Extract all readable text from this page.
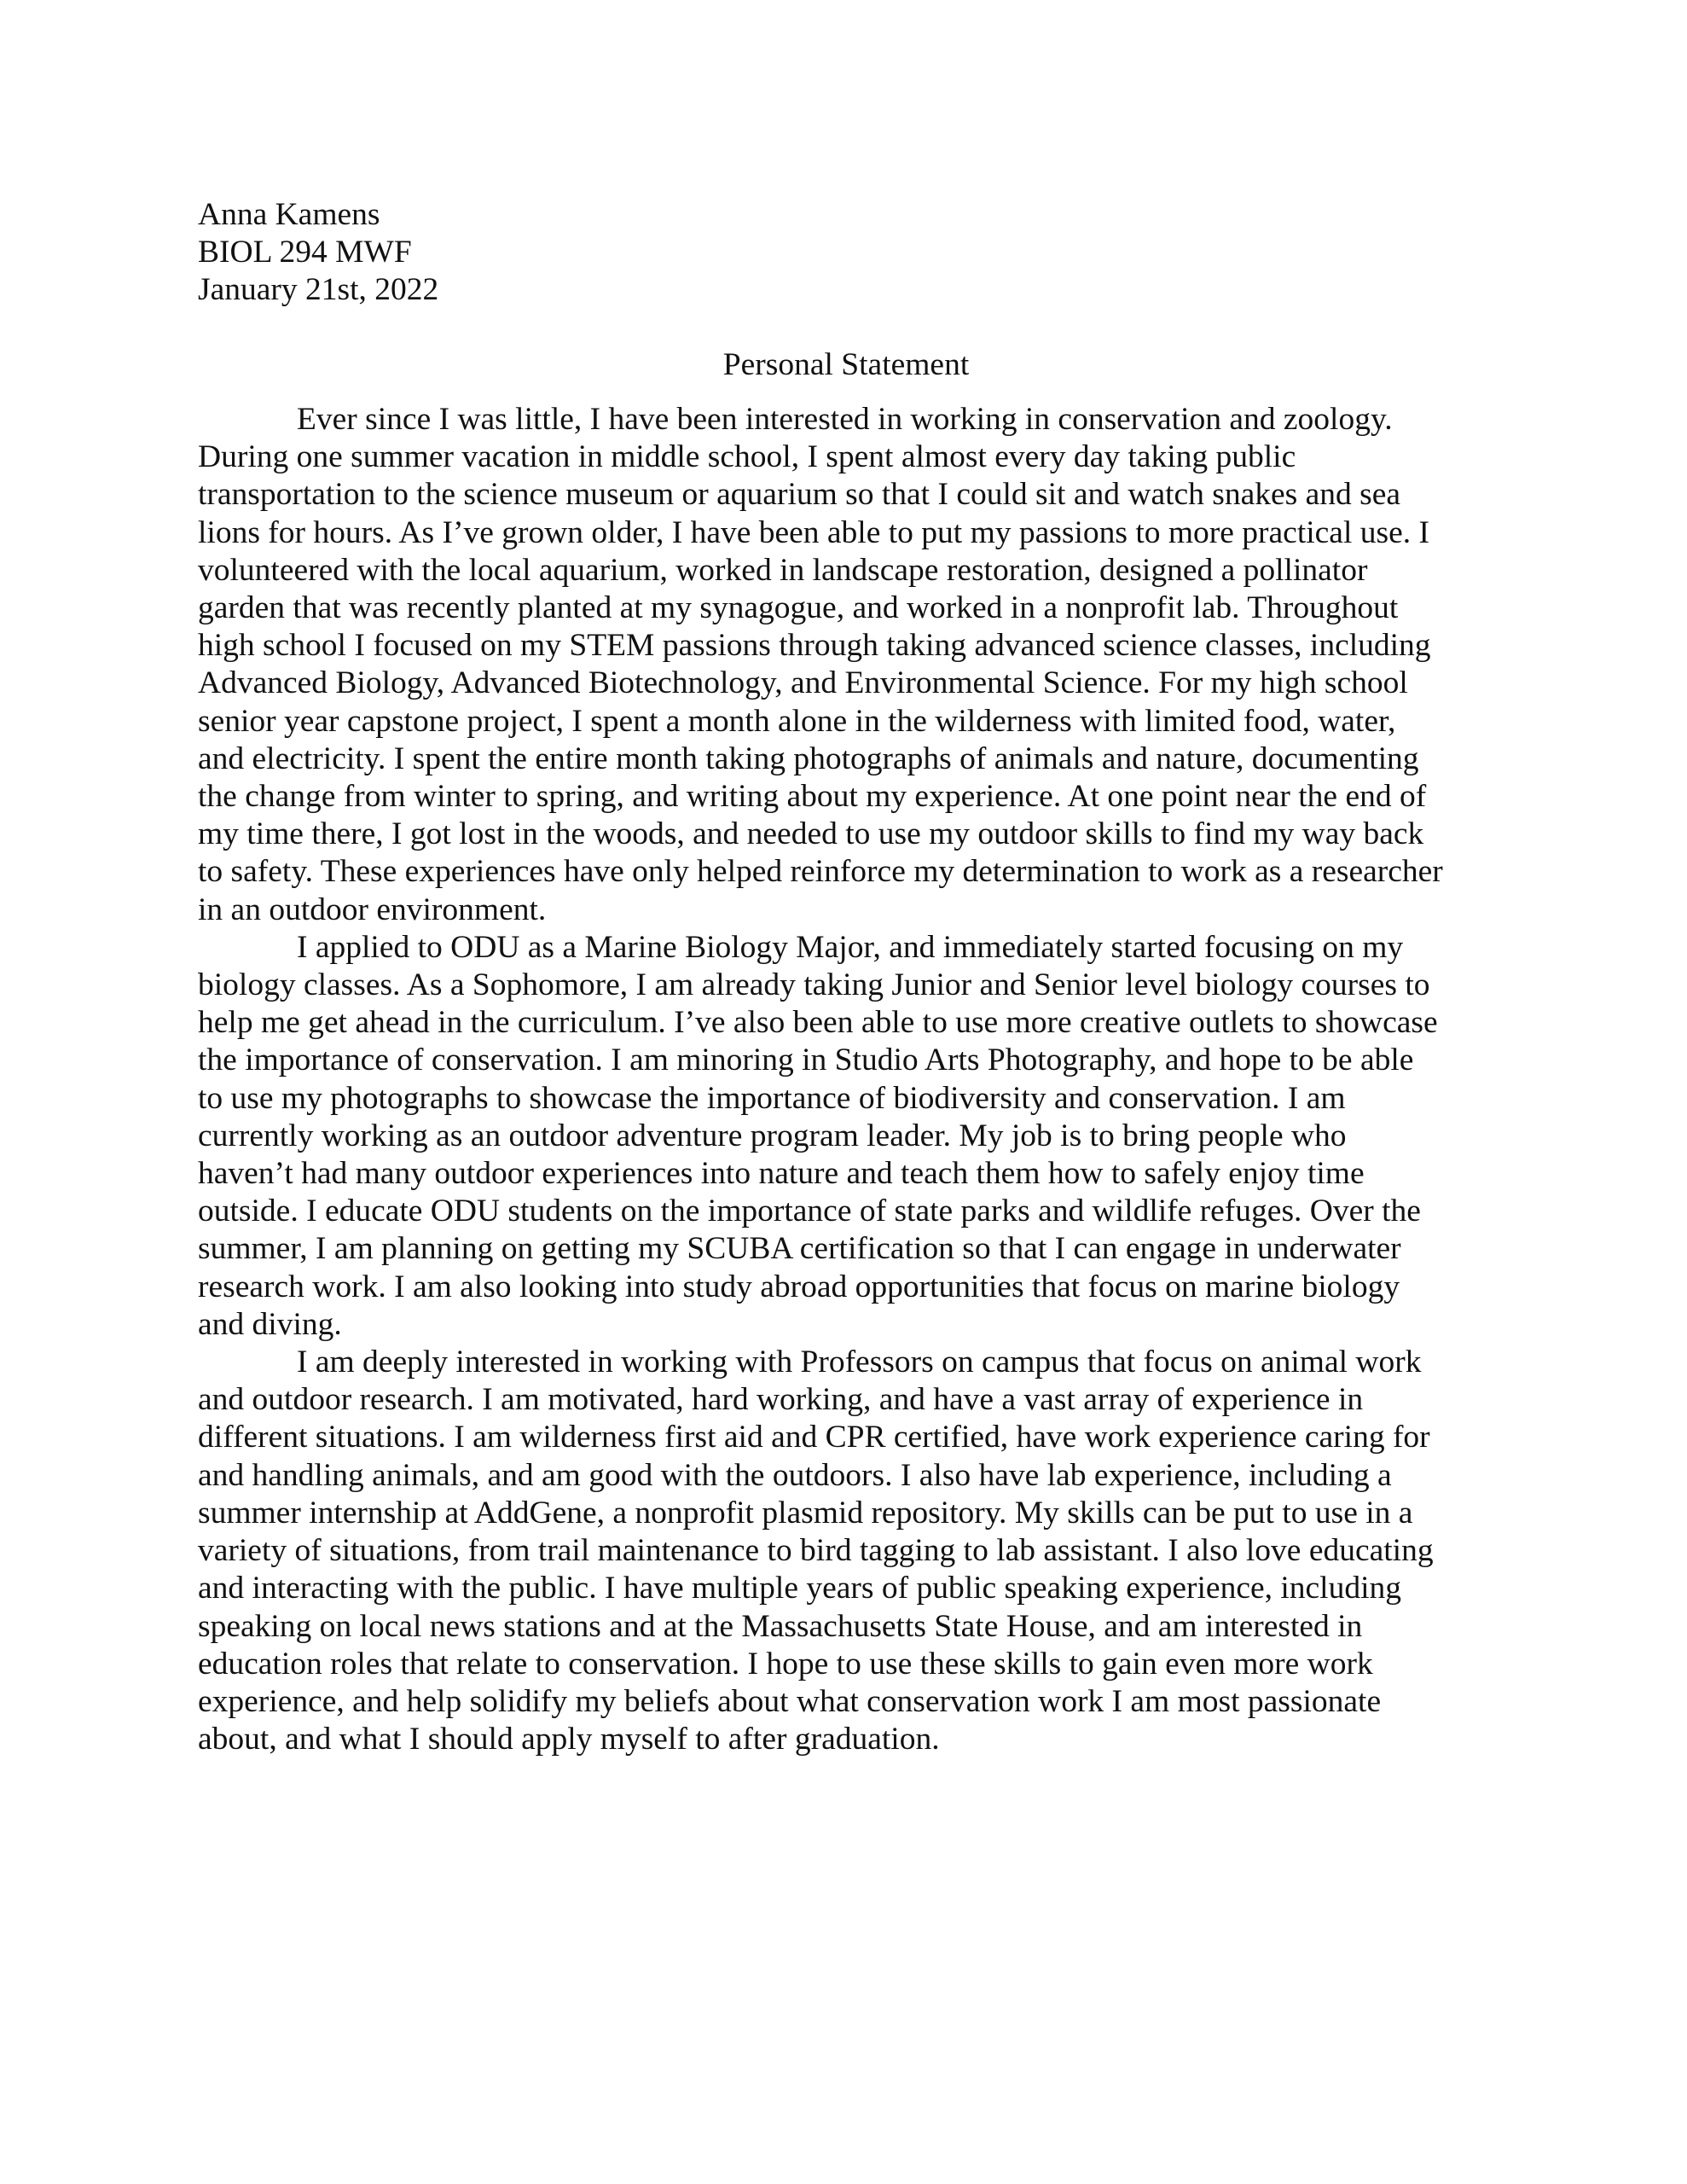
Anna Kamens
BIOL 294 MWF
January 21st, 2022
Personal Statement
Ever since I was little, I have been interested in working in conservation and zoology.
During one summer vacation in middle school, I spent almost every day taking public
transportation to the science museum or aquarium so that I could sit and watch snakes and sea
lions for hours. As I’ve grown older, I have been able to put my passions to more practical use. I
volunteered with the local aquarium, worked in landscape restoration, designed a pollinator
garden that was recently planted at my synagogue, and worked in a nonprofit lab. Throughout
high school I focused on my STEM passions through taking advanced science classes, including
Advanced Biology, Advanced Biotechnology, and Environmental Science. For my high school
senior year capstone project, I spent a month alone in the wilderness with limited food, water,
and electricity. I spent the entire month taking photographs of animals and nature, documenting
the change from winter to spring, and writing about my experience. At one point near the end of
my time there, I got lost in the woods, and needed to use my outdoor skills to find my way back
to safety. These experiences have only helped reinforce my determination to work as a researcher
in an outdoor environment.
I applied to ODU as a Marine Biology Major, and immediately started focusing on my
biology classes. As a Sophomore, I am already taking Junior and Senior level biology courses to
help me get ahead in the curriculum. I’ve also been able to use more creative outlets to showcase
the importance of conservation. I am minoring in Studio Arts Photography, and hope to be able
to use my photographs to showcase the importance of biodiversity and conservation. I am
currently working as an outdoor adventure program leader. My job is to bring people who
haven’t had many outdoor experiences into nature and teach them how to safely enjoy time
outside. I educate ODU students on the importance of state parks and wildlife refuges. Over the
summer, I am planning on getting my SCUBA certification so that I can engage in underwater
research work. I am also looking into study abroad opportunities that focus on marine biology
and diving.
I am deeply interested in working with Professors on campus that focus on animal work
and outdoor research. I am motivated, hard working, and have a vast array of experience in
different situations. I am wilderness first aid and CPR certified, have work experience caring for
and handling animals, and am good with the outdoors. I also have lab experience, including a
summer internship at AddGene, a nonprofit plasmid repository. My skills can be put to use in a
variety of situations, from trail maintenance to bird tagging to lab assistant. I also love educating
and interacting with the public. I have multiple years of public speaking experience, including
speaking on local news stations and at the Massachusetts State House, and am interested in
education roles that relate to conservation. I hope to use these skills to gain even more work
experience, and help solidify my beliefs about what conservation work I am most passionate
about, and what I should apply myself to after graduation.
